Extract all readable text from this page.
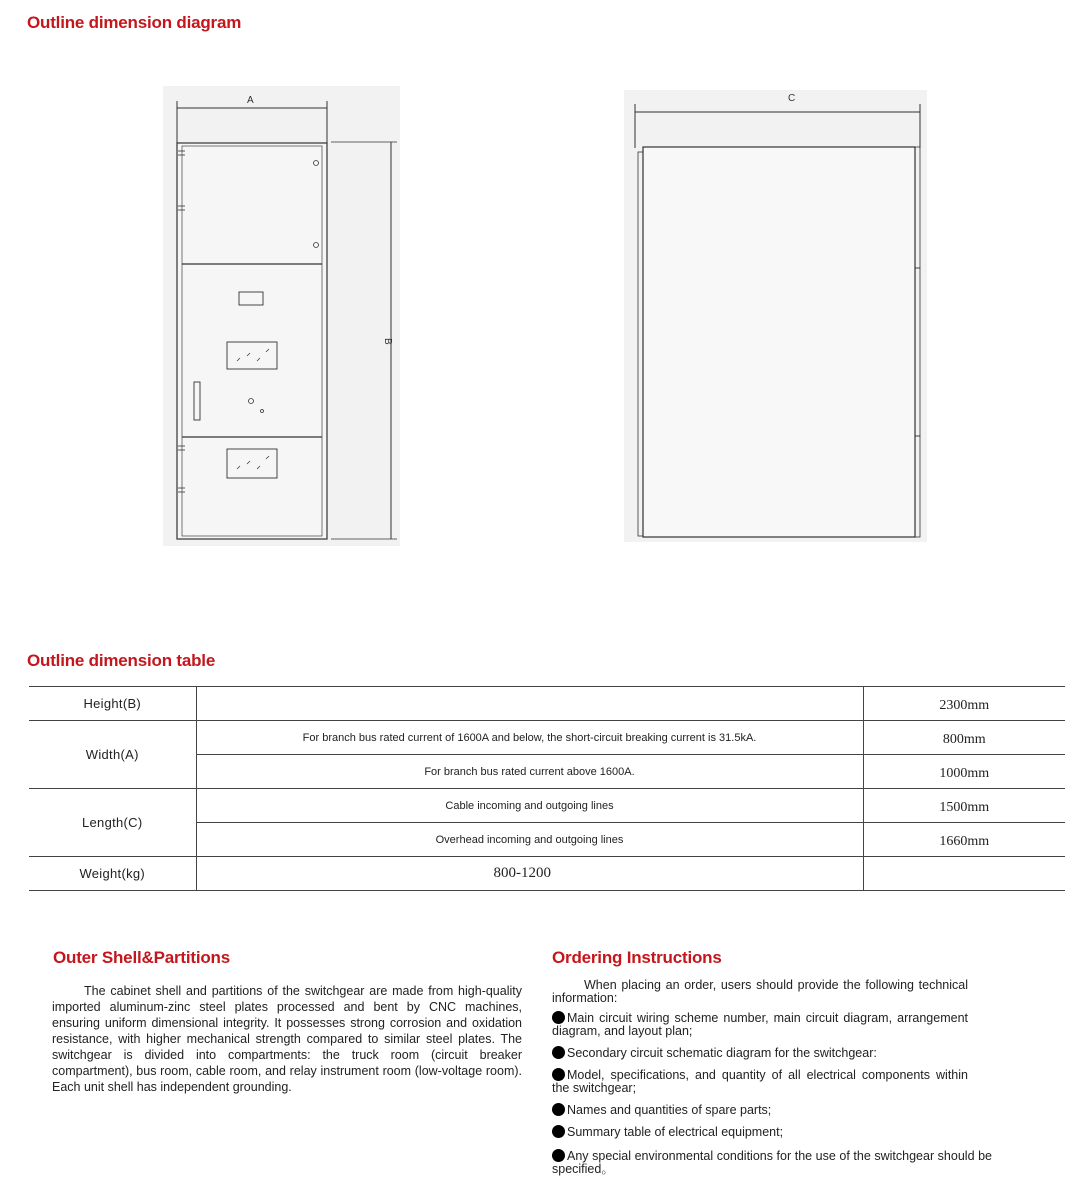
Outline dimension diagram
A
B
C
Outline dimension table
Height(B)		2300mm
Width(A)	For branch bus rated current of 1600A and below, the short-circuit breaking current is 31.5kA.	800mm
	For branch bus rated current above 1600A.	1000mm
Length(C)	Cable incoming and outgoing lines	1500mm
	Overhead incoming and outgoing lines	1660mm
Weight(kg)	800-1200	
Outer Shell&Partitions
The cabinet shell and partitions of the switchgear are made from high-quality imported aluminum-zinc steel plates processed and bent by CNC machines, ensuring uniform dimensional integrity. It possesses strong corrosion and oxidation resistance, with higher mechanical strength compared to similar steel plates. The switchgear is divided into compartments: the truck room (circuit breaker compartment), bus room, cable room, and relay instrument room (low-voltage room). Each unit shell has independent grounding.
Ordering Instructions
When placing an order, users should provide the following technical information:
Main circuit wiring scheme number, main circuit diagram, arrangement diagram, and layout plan;
Secondary circuit schematic diagram for the switchgear:
Model, specifications, and quantity of all electrical components within the switchgear;
Names and quantities of spare parts;
Summary table of electrical equipment;
Any special environmental conditions for the use of the switchgear should be specified。
